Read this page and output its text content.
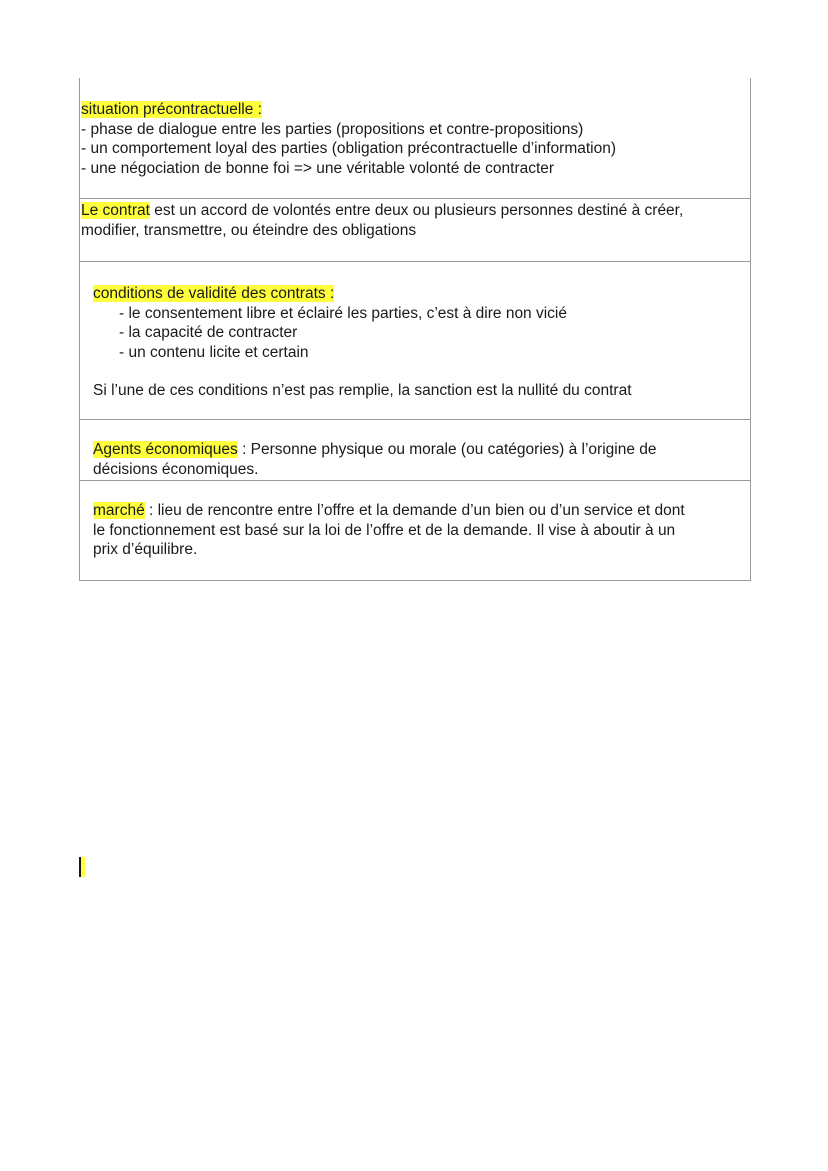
situation précontractuelle :
- phase de dialogue entre les parties (propositions et contre-propositions)
- un comportement loyal des parties (obligation précontractuelle d’information)
- une négociation de bonne foi => une véritable volonté de contracter
Le contrat est un accord de volontés entre deux ou plusieurs personnes destiné à créer,
modifier, transmettre, ou éteindre des obligations
conditions de validité des contrats :
- le consentement libre et éclairé les parties, c’est à dire non vicié
- la capacité de contracter
- un contenu licite et certain
Si l’une de ces conditions n’est pas remplie, la sanction est la nullité du contrat
Agents économiques : Personne physique ou morale (ou catégories) à l’origine de
décisions économiques.
marché : lieu de rencontre entre l’offre et la demande d’un bien ou d’un service et dont
le fonctionnement est basé sur la loi de l’offre et de la demande. Il vise à aboutir à un
prix d’équilibre.
